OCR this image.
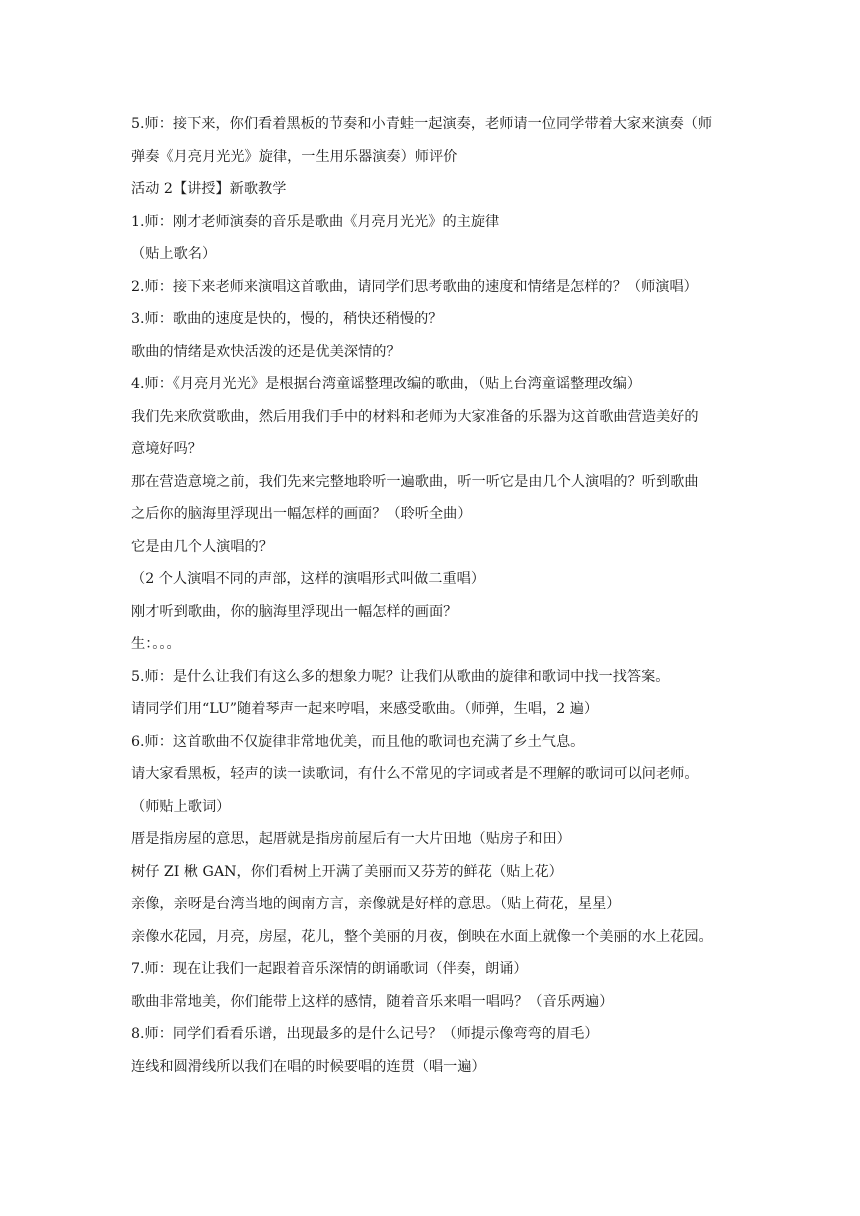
5.师：接下来，你们看着黑板的节奏和小青蛙一起演奏，老师请一位同学带着大家来演奏（师
弹奏《月亮月光光》旋律，一生用乐器演奏）师评价
活动 2【讲授】新歌教学
1.师：刚才老师演奏的音乐是歌曲《月亮月光光》的主旋律
（贴上歌名）
2.师：接下来老师来演唱这首歌曲，请同学们思考歌曲的速度和情绪是怎样的？（师演唱）
3.师：歌曲的速度是快的，慢的，稍快还稍慢的？
歌曲的情绪是欢快活泼的还是优美深情的？
4.师：《月亮月光光》是根据台湾童谣整理改编的歌曲，（贴上台湾童谣整理改编）
我们先来欣赏歌曲，然后用我们手中的材料和老师为大家准备的乐器为这首歌曲营造美好的
意境好吗？
那在营造意境之前，我们先来完整地聆听一遍歌曲，听一听它是由几个人演唱的？听到歌曲
之后你的脑海里浮现出一幅怎样的画面？（聆听全曲）
它是由几个人演唱的？
（2 个人演唱不同的声部，这样的演唱形式叫做二重唱）
刚才听到歌曲，你的脑海里浮现出一幅怎样的画面？
生：。。。
5.师：是什么让我们有这么多的想象力呢？让我们从歌曲的旋律和歌词中找一找答案。
请同学们用“LU”随着琴声一起来哼唱，来感受歌曲。（师弹，生唱，2 遍）
6.师：这首歌曲不仅旋律非常地优美，而且他的歌词也充满了乡土气息。
请大家看黑板，轻声的读一读歌词，有什么不常见的字词或者是不理解的歌词可以问老师。
（师贴上歌词）
厝是指房屋的意思，起厝就是指房前屋后有一大片田地（贴房子和田）
树仔 ZI 楸 GAN，你们看树上开满了美丽而又芬芳的鲜花（贴上花）
亲像，亲呀是台湾当地的闽南方言，亲像就是好样的意思。（贴上荷花，星星）
亲像水花园，月亮，房屋，花儿，整个美丽的月夜，倒映在水面上就像一个美丽的水上花园。
7.师：现在让我们一起跟着音乐深情的朗诵歌词（伴奏，朗诵）
歌曲非常地美，你们能带上这样的感情，随着音乐来唱一唱吗？（音乐两遍）
8.师：同学们看看乐谱，出现最多的是什么记号？（师提示像弯弯的眉毛）
连线和圆滑线所以我们在唱的时候要唱的连贯（唱一遍）
